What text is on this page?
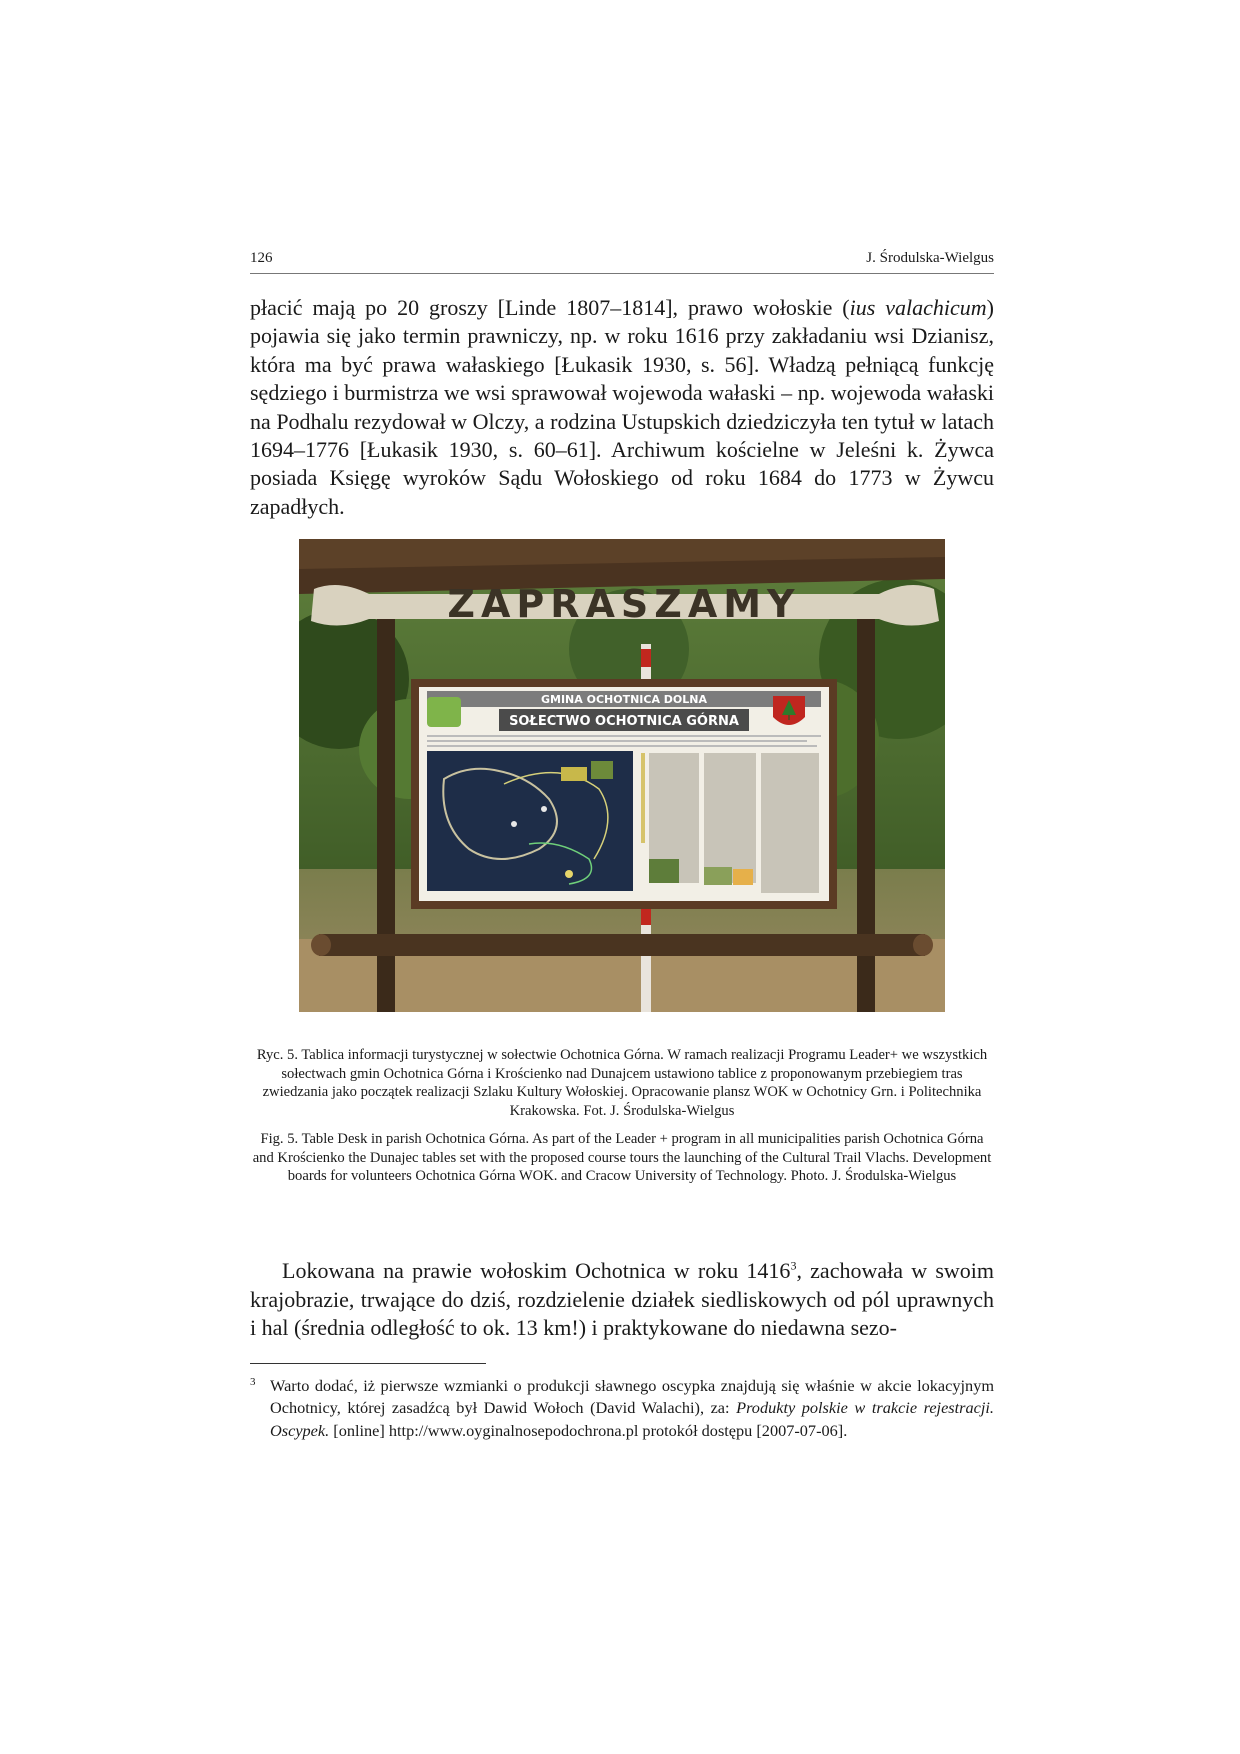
126	J. Środulska-Wielgus

płacić mają po 20 groszy [Linde 1807–1814], prawo wołoskie (ius valachicum) pojawia się jako termin prawniczy, np. w roku 1616 przy zakładaniu wsi Dzianisz, która ma być prawa wałaskiego [Łukasik 1930, s. 56]. Władzą pełniącą funkcję sędziego i burmistrza we wsi sprawował wojewoda wałaski – np. wojewoda wałaski na Podhalu rezydował w Olczy, a rodzina Ustupskich dziedziczyła ten tytuł w latach 1694–1776 [Łukasik 1930, s. 60–61]. Archiwum kościelne w Jeleśni k. Żywca posiada Księgę wyroków Sądu Wołoskiego od roku 1684 do 1773 w Żywcu zapadłych.

ZAPRASZAMY
GMINA OCHOTNICA DOLNA
SOŁECTWO OCHOTNICA GÓRNA

Ryc. 5. Tablica informacji turystycznej w sołectwie Ochotnica Górna. W ramach realizacji Programu Leader+ we wszystkich sołectwach gmin Ochotnica Górna i Krościenko nad Dunajcem ustawiono tablice z proponowanym przebiegiem tras zwiedzania jako początek realizacji Szlaku Kultury Wołoskiej. Opracowanie plansz WOK w Ochotnicy Grn. i Politechnika Krakowska. Fot. J. Środulska-Wielgus

Fig. 5. Table Desk in parish Ochotnica Górna. As part of the Leader + program in all municipalities parish Ochotnica Górna and Krościenko the Dunajec tables set with the proposed course tours the launching of the Cultural Trail Vlachs. Development boards for volunteers Ochotnica Górna WOK. and Cracow University of Technology. Photo. J. Środulska-Wielgus

Lokowana na prawie wołoskim Ochotnica w roku 1416$^3$, zachowała w swoim krajobrazie, trwające do dziś, rozdzielenie działek siedliskowych od pól uprawnych i hal (średnia odległość to ok. 13 km!) i praktykowane do niedawna sezo-

3 Warto dodać, iż pierwsze wzmianki o produkcji sławnego oscypka znajdują się właśnie w akcie lokacyjnym Ochotnicy, której zasadźcą był Dawid Wołoch (David Walachi), za: Produkty polskie w trakcie rejestracji. Oscypek. [online] http://www.oyginalnosepodochrona.pl protokół dostępu [2007-07-06].
